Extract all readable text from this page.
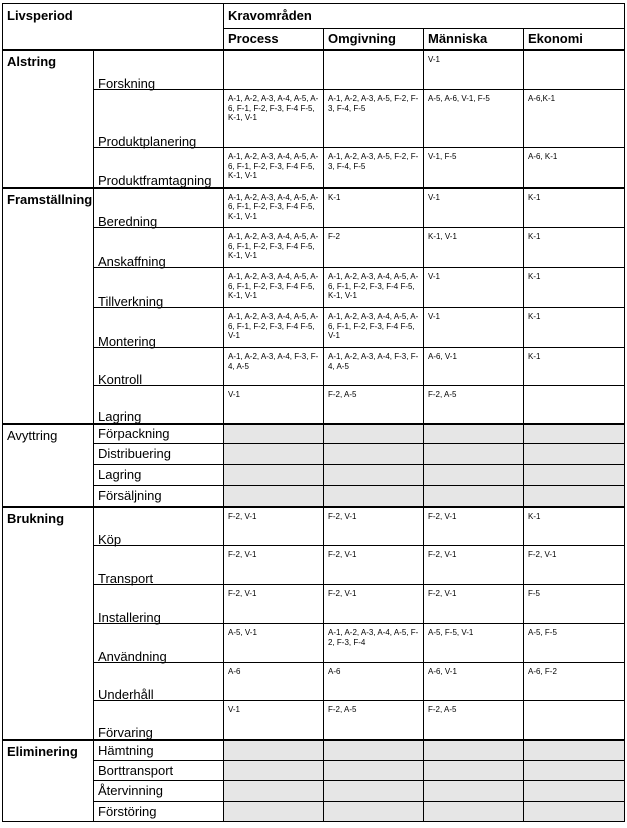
Livsperiod		Kravområden			
		Process	Omgivning	Människa	Ekonomi
Alstring	Forskning			V-1	
	Produktplanering	A-1, A-2, A-3, A-4, A-5, A-6, F-1, F-2, F-3, F-4 F-5, K-1, V-1	A-1, A-2, A-3, A-5, F-2, F-3, F-4, F-5	A-5, A-6, V-1, F-5	A-6,K-1
	Produktframtagning	A-1, A-2, A-3, A-4, A-5, A-6, F-1, F-2, F-3, F-4 F-5, K-1, V-1	A-1, A-2, A-3, A-5, F-2, F-3, F-4, F-5	V-1, F-5	A-6, K-1
Framställning	Beredning	A-1, A-2, A-3, A-4, A-5, A-6, F-1, F-2, F-3, F-4 F-5, K-1, V-1	K-1	V-1	K-1
	Anskaffning	A-1, A-2, A-3, A-4, A-5, A-6, F-1, F-2, F-3, F-4 F-5, K-1, V-1	F-2	K-1, V-1	K-1
	Tillverkning	A-1, A-2, A-3, A-4, A-5, A-6, F-1, F-2, F-3, F-4 F-5, K-1, V-1	A-1, A-2, A-3, A-4, A-5, A-6, F-1, F-2, F-3, F-4 F-5, K-1, V-1	V-1	K-1
	Montering	A-1, A-2, A-3, A-4, A-5, A-6, F-1, F-2, F-3, F-4 F-5, V-1	A-1, A-2, A-3, A-4, A-5, A-6, F-1, F-2, F-3, F-4 F-5, V-1	V-1	K-1
	Kontroll	A-1, A-2, A-3, A-4, F-3, F-4, A-5	A-1, A-2, A-3, A-4, F-3, F-4, A-5	A-6, V-1	K-1
	Lagring	V-1	F-2, A-5	F-2, A-5	
Avyttring	Förpackning				
	Distribuering				
	Lagring				
	Försäljning				
Brukning	Köp	F-2, V-1	F-2, V-1	F-2, V-1	K-1
	Transport	F-2, V-1	F-2, V-1	F-2, V-1	F-2, V-1
	Installering	F-2, V-1	F-2, V-1	F-2, V-1	F-5
	Användning	A-5, V-1	A-1, A-2, A-3, A-4, A-5, F-2, F-3, F-4	A-5, F-5, V-1	A-5, F-5
	Underhåll	A-6	A-6	A-6, V-1	A-6, F-2
	Förvaring	V-1	F-2, A-5	F-2, A-5	
Eliminering	Hämtning				
	Borttransport				
	Återvinning				
	Förstöring				
